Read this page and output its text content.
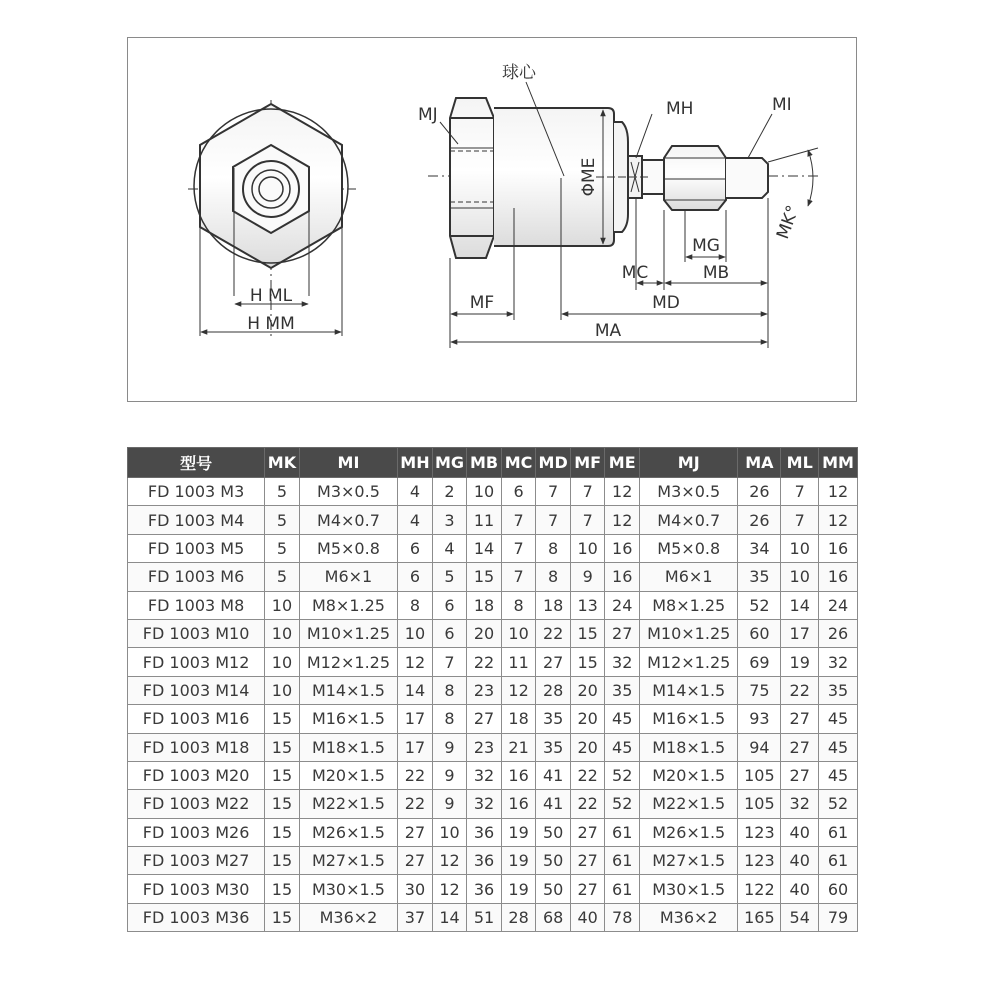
H ML
H MM
MJ
球心
MH	MI
ΦME
MK°
MG
MC	MB
MF	MD
MA
型号	MK	MI	MH	MG	MB	MC	MD	MF	ME	MJ	MA	ML	MM
FD 1003 M3	5	M3×0.5	4	2	10	6	7	7	12	M3×0.5	26	7	12
FD 1003 M4	5	M4×0.7	4	3	11	7	7	7	12	M4×0.7	26	7	12
FD 1003 M5	5	M5×0.8	6	4	14	7	8	10	16	M5×0.8	34	10	16
FD 1003 M6	5	M6×1	6	5	15	7	8	9	16	M6×1	35	10	16
FD 1003 M8	10	M8×1.25	8	6	18	8	18	13	24	M8×1.25	52	14	24
FD 1003 M10	10	M10×1.25	10	6	20	10	22	15	27	M10×1.25	60	17	26
FD 1003 M12	10	M12×1.25	12	7	22	11	27	15	32	M12×1.25	69	19	32
FD 1003 M14	10	M14×1.5	14	8	23	12	28	20	35	M14×1.5	75	22	35
FD 1003 M16	15	M16×1.5	17	8	27	18	35	20	45	M16×1.5	93	27	45
FD 1003 M18	15	M18×1.5	17	9	23	21	35	20	45	M18×1.5	94	27	45
FD 1003 M20	15	M20×1.5	22	9	32	16	41	22	52	M20×1.5	105	27	45
FD 1003 M22	15	M22×1.5	22	9	32	16	41	22	52	M22×1.5	105	32	52
FD 1003 M26	15	M26×1.5	27	10	36	19	50	27	61	M26×1.5	123	40	61
FD 1003 M27	15	M27×1.5	27	12	36	19	50	27	61	M27×1.5	123	40	61
FD 1003 M30	15	M30×1.5	30	12	36	19	50	27	61	M30×1.5	122	40	60
FD 1003 M36	15	M36×2	37	14	51	28	68	40	78	M36×2	165	54	79
